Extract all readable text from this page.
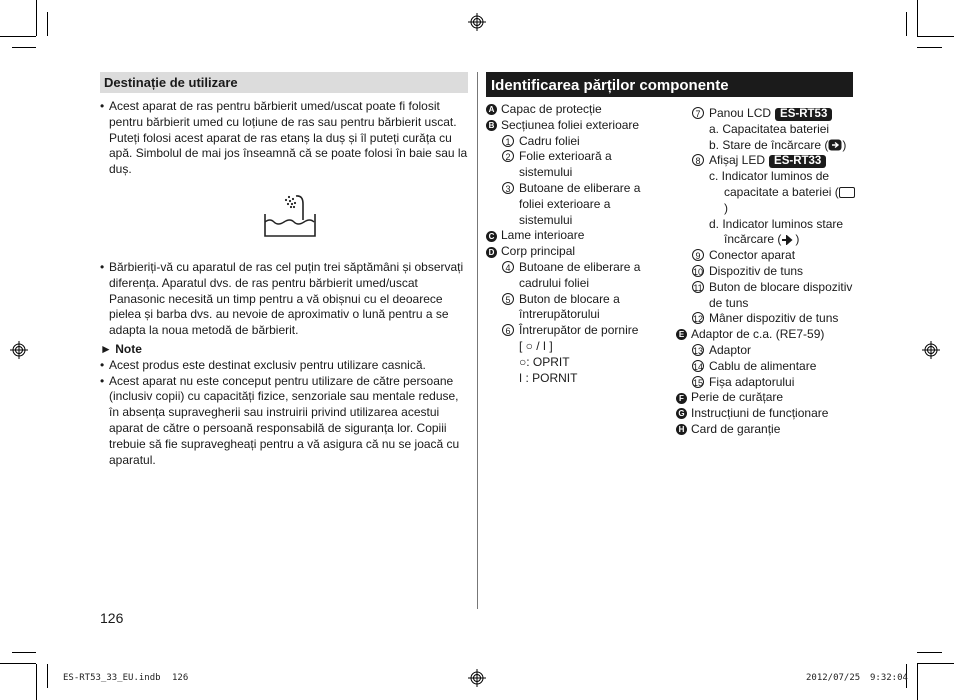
Destinație de utilizare
• Acest aparat de ras pentru bărbierit umed/uscat poate fi folosit pentru bărbierit umed cu loțiune de ras sau pentru bărbierit uscat. Puteți folosi acest aparat de ras etanș la duș și îl puteți curăța cu apă. Simbolul de mai jos înseamnă că se poate folosi în baie sau la duș.
• Bărbieriți-vă cu aparatul de ras cel puțin trei săptămâni și observați diferența. Aparatul dvs. de ras pentru bărbierit umed/uscat Panasonic necesită un timp pentru a vă obișnui cu el deoarece pielea și barba dvs. au nevoie de aproximativ o lună pentru a se adapta la noua metodă de bărbierit.
► Note
• Acest produs este destinat exclusiv pentru utilizare casnică.
• Acest aparat nu este conceput pentru utilizare de către persoane (inclusiv copii) cu capacități fizice, senzoriale sau mentale reduse, în absența supravegherii sau instruirii privind utilizarea acestui aparat de către o persoană responsabilă de siguranța lor. Copiii trebuie să fie supravegheați pentru a vă asigura că nu se joacă cu aparatul.
Identificarea părților componente
A Capac de protecție
B Secțiunea foliei exterioare
1 Cadru foliei
2 Folie exterioară a sistemului
3 Butoane de eliberare a foliei exterioare a sistemului
C Lame interioare
D Corp principal
4 Butoane de eliberare a cadrului foliei
5 Buton de blocare a întrerupătorului
6 Întrerupător de pornire
[ ○ / ǀ ]
○: OPRIT
ǀ : PORNIT
7 Panou LCD ES-RT53
a. Capacitatea bateriei
b. Stare de încărcare ( )
8 Afișaj LED ES-RT33
c. Indicator luminos de capacitate a bateriei ()
d. Indicator luminos stare încărcare ( )
9 Conector aparat
10 Dispozitiv de tuns
11 Buton de blocare dispozitiv de tuns
12 Mâner dispozitiv de tuns
E Adaptor de c.a. (RE7-59)
13 Adaptor
14 Cablu de alimentare
15 Fișa adaptorului
F Perie de curățare
G Instrucțiuni de funcționare
H Card de garanție
126
ES-RT53_33_EU.indb 126	2012/07/25 9:32:04
